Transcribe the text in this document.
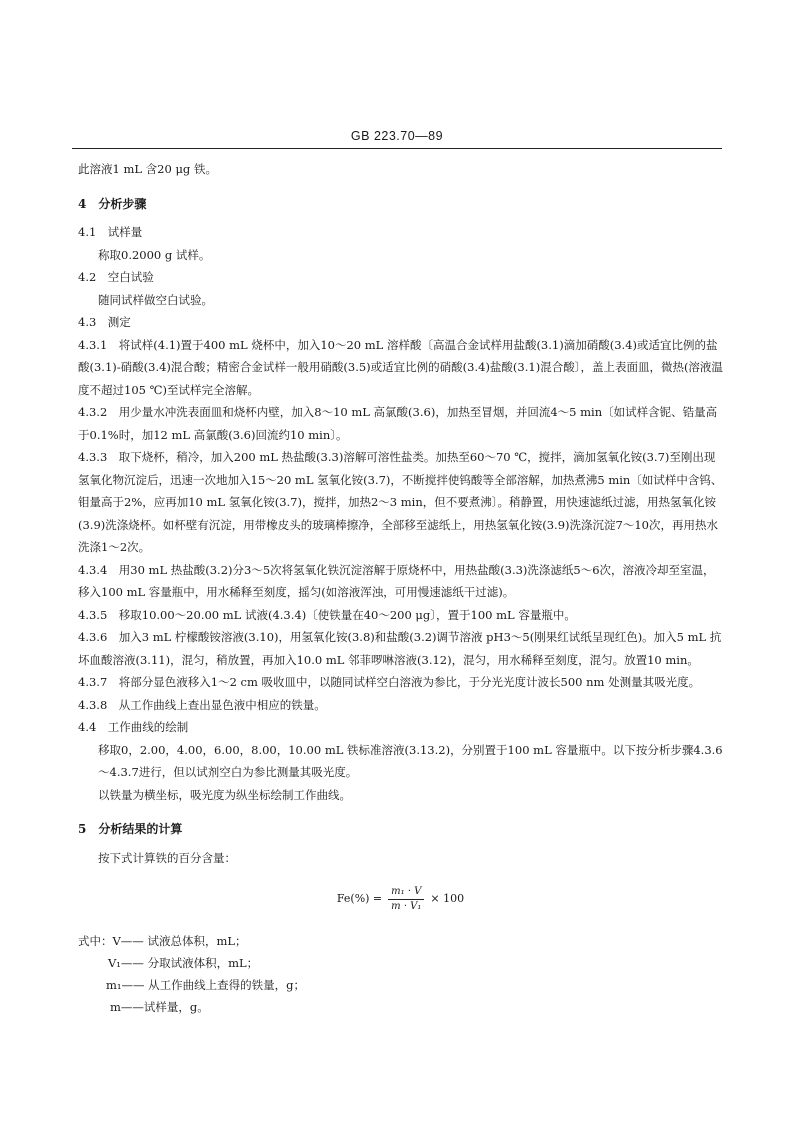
GB 223.70—89

此溶液1 mL 含20 μg 铁。

4　分析步骤

4.1　试样量

称取0.2000 g 试样。

4.2　空白试验

随同试样做空白试验。

4.3　测定

4.3.1　将试样(4.1)置于400 mL 烧杯中，加入10～20 mL 溶样酸〔高温合金试样用盐酸(3.1)滴加硝酸(3.4)或适宜比例的盐酸(3.1)-硝酸(3.4)混合酸；精密合金试样一般用硝酸(3.5)或适宜比例的硝酸(3.4)盐酸(3.1)混合酸〕，盖上表面皿，微热(溶液温度不超过105 ℃)至试样完全溶解。

4.3.2　用少量水冲洗表面皿和烧杯内壁，加入8～10 mL 高氯酸(3.6)，加热至冒烟，并回流4～5 min〔如试样含铌、锆量高于0.1%时，加12 mL 高氯酸(3.6)回流约10 min〕。

4.3.3　取下烧杯，稍冷，加入200 mL 热盐酸(3.3)溶解可溶性盐类。加热至60～70 ℃，搅拌，滴加氢氧化铵(3.7)至刚出现氢氧化物沉淀后，迅速一次地加入15～20 mL 氢氧化铵(3.7)，不断搅拌使钨酸等全部溶解，加热煮沸5 min〔如试样中含钨、钼量高于2%，应再加10 mL 氢氧化铵(3.7)，搅拌，加热2～3 min，但不要煮沸〕。稍静置，用快速滤纸过滤，用热氢氧化铵(3.9)洗涤烧杯。如杯壁有沉淀，用带橡皮头的玻璃棒擦净，全部移至滤纸上，用热氢氧化铵(3.9)洗涤沉淀7～10次，再用热水洗涤1～2次。

4.3.4　用30 mL 热盐酸(3.2)分3～5次将氢氧化铁沉淀溶解于原烧杯中，用热盐酸(3.3)洗涤滤纸5～6次，溶液冷却至室温，移入100 mL 容量瓶中，用水稀释至刻度，摇匀(如溶液浑浊，可用慢速滤纸干过滤)。

4.3.5　移取10.00～20.00 mL 试液(4.3.4)〔使铁量在40～200 μg〕，置于100 mL 容量瓶中。

4.3.6　加入3 mL 柠檬酸铵溶液(3.10)，用氢氧化铵(3.8)和盐酸(3.2)调节溶液 pH3～5(刚果红试纸呈现红色)。加入5 mL 抗坏血酸溶液(3.11)，混匀，稍放置，再加入10.0 mL 邻菲啰啉溶液(3.12)，混匀，用水稀释至刻度，混匀。放置10 min。

4.3.7　将部分显色液移入1～2 cm 吸收皿中，以随同试样空白溶液为参比，于分光光度计波长500 nm 处测量其吸光度。

4.3.8　从工作曲线上查出显色液中相应的铁量。

4.4　工作曲线的绘制

移取0，2.00，4.00，6.00，8.00，10.00 mL 铁标准溶液(3.13.2)，分别置于100 mL 容量瓶中。以下按分析步骤4.3.6～4.3.7进行，但以试剂空白为参比测量其吸光度。

以铁量为横坐标，吸光度为纵坐标绘制工作曲线。

5　分析结果的计算

按下式计算铁的百分含量：

$Fe(\%) = \frac{\text{m₁ · V}}{\text{m · V₁}} \times 100$

式中：V—— 试液总体积，mL；

V₁—— 分取试液体积，mL；

m₁—— 从工作曲线上查得的铁量，g；

m——试样量，g。
